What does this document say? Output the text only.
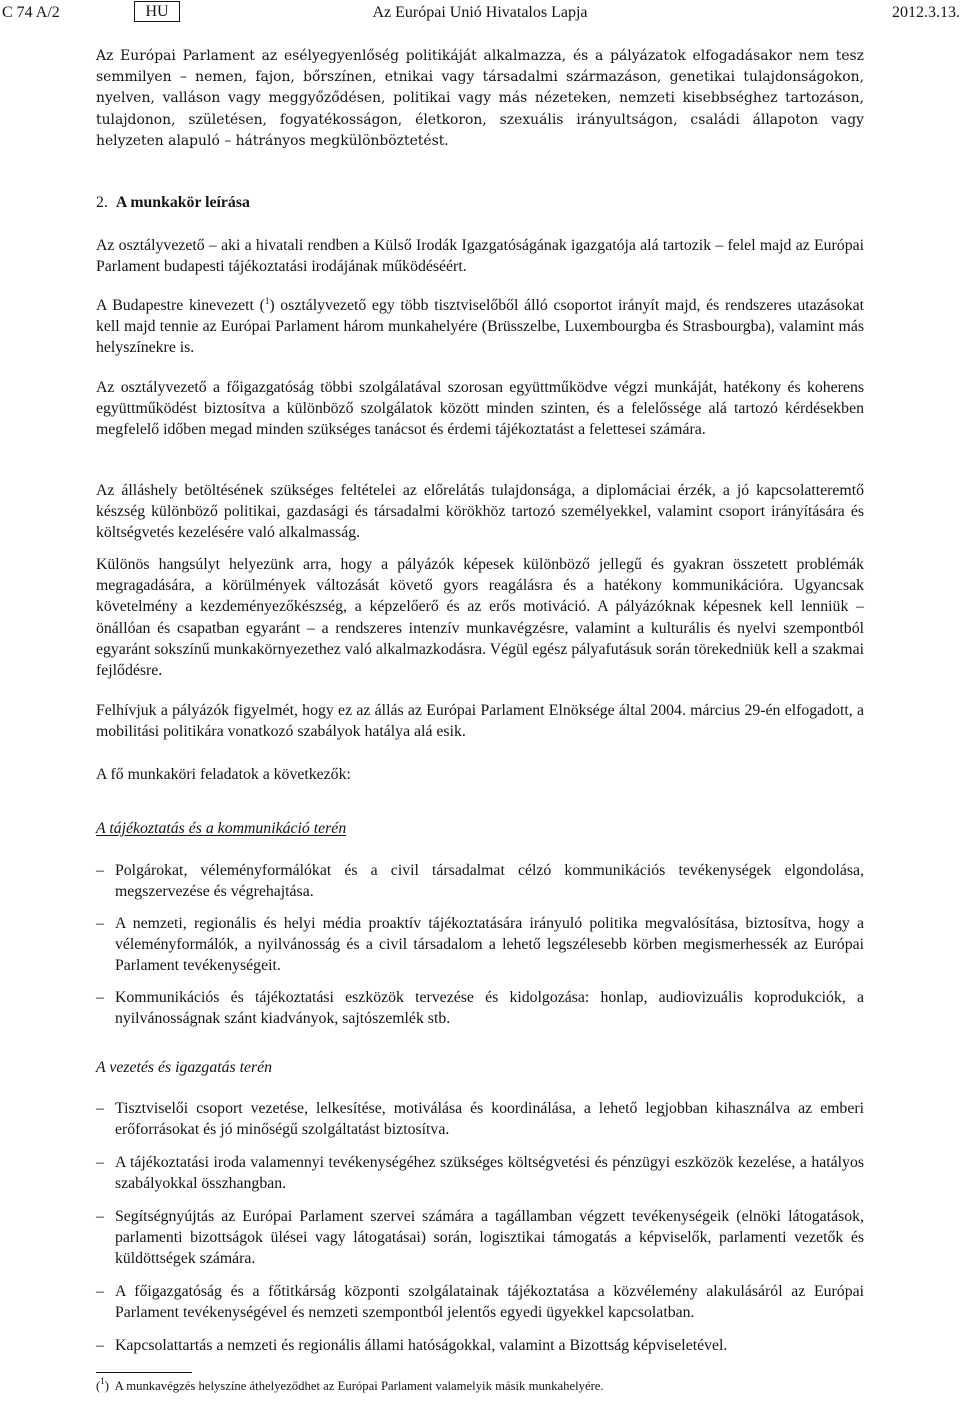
C 74 A/2	HU	Az Európai Unió Hivatalos Lapja	2012.3.13.
Az Európai Parlament az esélyegyenlőség politikáját alkalmazza, és a pályázatok elfogadásakor nem tesz semmilyen – nemen, fajon, bőrszínen, etnikai vagy társadalmi származáson, genetikai tulajdonságokon, nyelven, valláson vagy meggyőződésen, politikai vagy más nézeteken, nemzeti kisebbséghez tartozáson, tulajdonon, születésen, fogyatékosságon, életkoron, szexuális irányultságon, családi állapoton vagy helyzeten alapuló – hátrányos megkülönböztetést.
2. A munkakör leírása
Az osztályvezető – aki a hivatali rendben a Külső Irodák Igazgatóságának igazgatója alá tartozik – felel majd az Európai Parlament budapesti tájékoztatási irodájának működéséért.
A Budapestre kinevezett ($^1$) osztályvezető egy több tisztviselőből álló csoportot irányít majd, és rendszeres utazásokat kell majd tennie az Európai Parlament három munkahelyére (Brüsszelbe, Luxembourgba és Strasbourgba), valamint más helyszínekre is.
Az osztályvezető a főigazgatóság többi szolgálatával szorosan együttműködve végzi munkáját, hatékony és koherens együttműködést biztosítva a különböző szolgálatok között minden szinten, és a felelőssége alá tartozó kérdésekben megfelelő időben megad minden szükséges tanácsot és érdemi tájékoztatást a felettesei számára.
Az álláshely betöltésének szükséges feltételei az előrelátás tulajdonsága, a diplomáciai érzék, a jó kapcsolatteremtő készség különböző politikai, gazdasági és társadalmi körökhöz tartozó személyekkel, valamint csoport irányítására és költségvetés kezelésére való alkalmasság.
Különös hangsúlyt helyezünk arra, hogy a pályázók képesek különböző jellegű és gyakran összetett problémák megragadására, a körülmények változását követő gyors reagálásra és a hatékony kommunikációra. Ugyancsak követelmény a kezdeményezőkészség, a képzelőerő és az erős motiváció. A pályázóknak képesnek kell lenniük – önállóan és csapatban egyaránt – a rendszeres intenzív munkavégzésre, valamint a kulturális és nyelvi szempontból egyaránt sokszínű munkakörnyezethez való alkalmazkodásra. Végül egész pályafutásuk során törekedniük kell a szakmai fejlődésre.
Felhívjuk a pályázók figyelmét, hogy ez az állás az Európai Parlament Elnöksége által 2004. március 29-én elfogadott, a mobilitási politikára vonatkozó szabályok hatálya alá esik.
A fő munkaköri feladatok a következők:
A tájékoztatás és a kommunikáció terén
– Polgárokat, véleményformálókat és a civil társadalmat célzó kommunikációs tevékenységek elgondolása, megszervezése és végrehajtása.
– A nemzeti, regionális és helyi média proaktív tájékoztatására irányuló politika megvalósítása, biztosítva, hogy a véleményformálók, a nyilvánosság és a civil társadalom a lehető legszélesebb körben megismerhessék az Európai Parlament tevékenységeit.
– Kommunikációs és tájékoztatási eszközök tervezése és kidolgozása: honlap, audiovizuális koprodukciók, a nyilvánosságnak szánt kiadványok, sajtószemlék stb.
A vezetés és igazgatás terén
– Tisztviselői csoport vezetése, lelkesítése, motiválása és koordinálása, a lehető legjobban kihasználva az emberi erőforrásokat és jó minőségű szolgáltatást biztosítva.
– A tájékoztatási iroda valamennyi tevékenységéhez szükséges költségvetési és pénzügyi eszközök kezelése, a hatályos szabályokkal összhangban.
– Segítségnyújtás az Európai Parlament szervei számára a tagállamban végzett tevékenységeik (elnöki látogatások, parlamenti bizottságok ülései vagy látogatásai) során, logisztikai támogatás a képviselők, parlamenti vezetők és küldöttségek számára.
– A főigazgatóság és a főtitkárság központi szolgálatainak tájékoztatása a közvélemény alakulásáról az Európai Parlament tevékenységével és nemzeti szempontból jelentős egyedi ügyekkel kapcsolatban.
– Kapcsolattartás a nemzeti és regionális állami hatóságokkal, valamint a Bizottság képviseletével.
($^1$)  A munkavégzés helyszíne áthelyeződhet az Európai Parlament valamelyik másik munkahelyére.
